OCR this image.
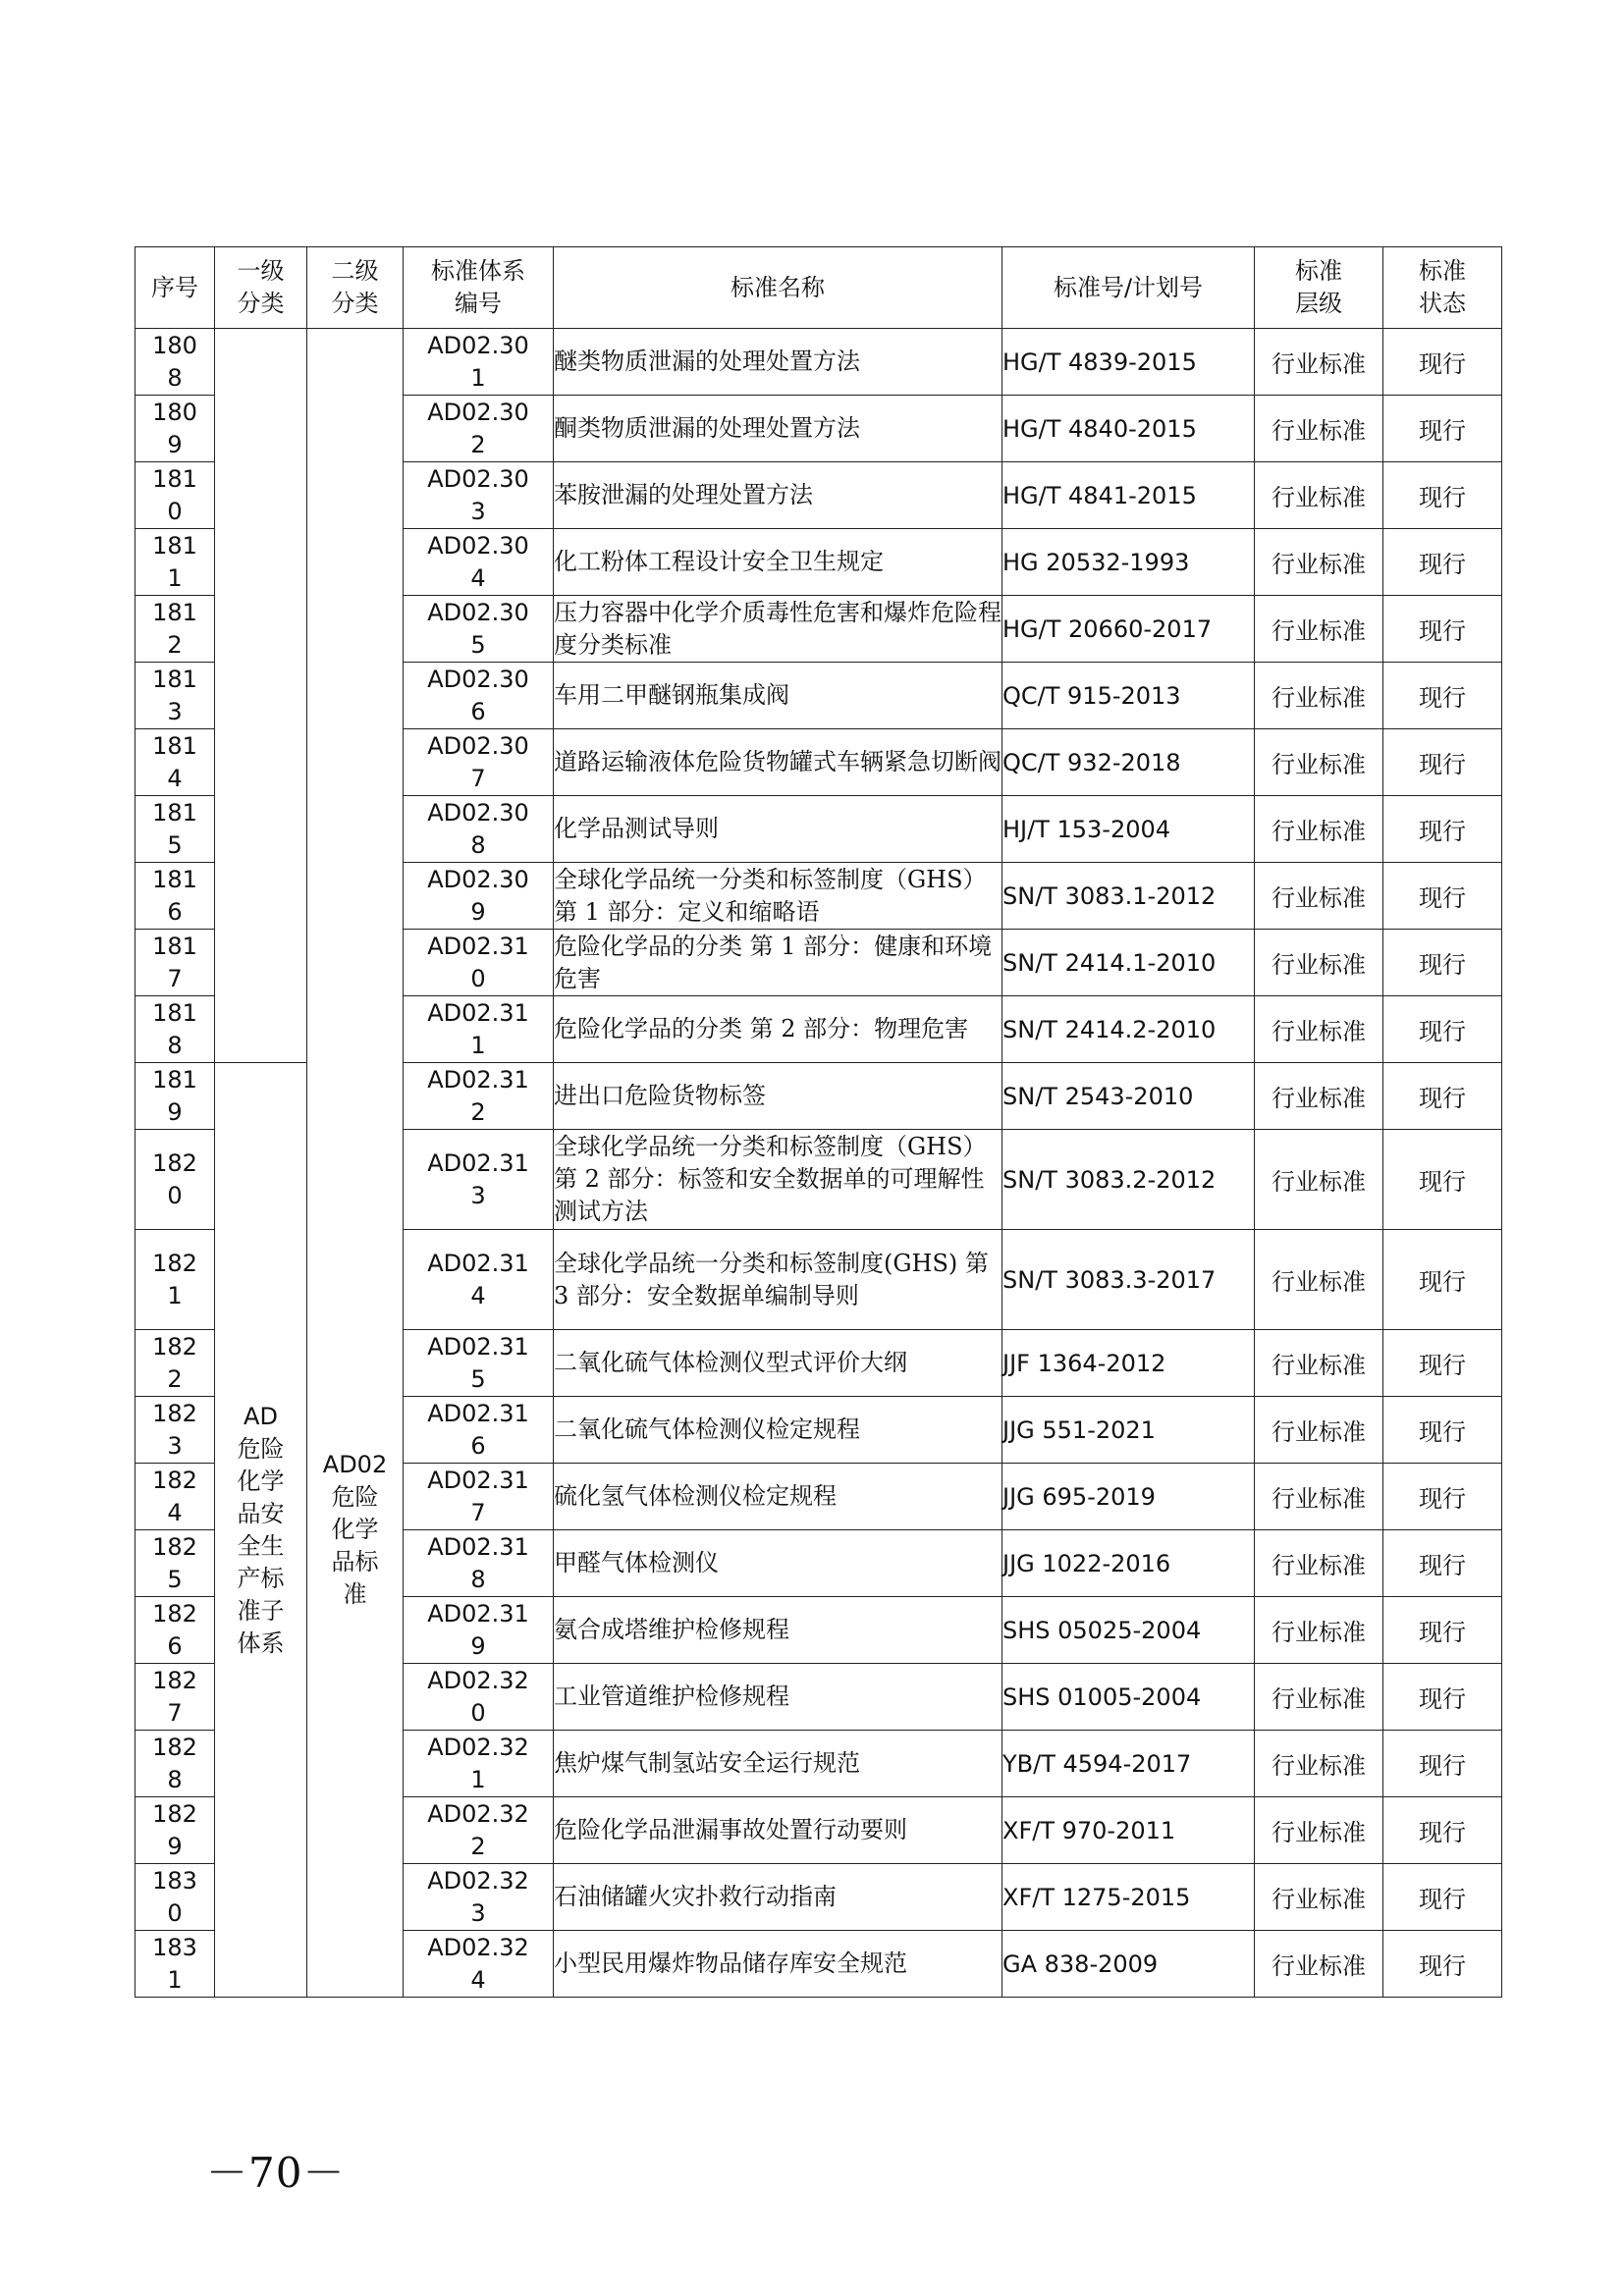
序号	一级分类	二级分类	标准体系编号	标准名称	标准号/计划号	标准层级	标准状态
1808			AD02.301	醚类物质泄漏的处理处置方法	HG/T 4839-2015	行业标准	现行
1809			AD02.302	酮类物质泄漏的处理处置方法	HG/T 4840-2015	行业标准	现行
1810			AD02.303	苯胺泄漏的处理处置方法	HG/T 4841-2015	行业标准	现行
1811			AD02.304	化工粉体工程设计安全卫生规定	HG 20532-1993	行业标准	现行
1812			AD02.305	压力容器中化学介质毒性危害和爆炸危险程度分类标准	HG/T 20660-2017	行业标准	现行
1813			AD02.306	车用二甲醚钢瓶集成阀	QC/T 915-2013	行业标准	现行
1814			AD02.307	道路运输液体危险货物罐式车辆紧急切断阀	QC/T 932-2018	行业标准	现行
1815			AD02.308	化学品测试导则	HJ/T 153-2004	行业标准	现行
1816			AD02.309	全球化学品统一分类和标签制度（GHS） 第 1 部分：定义和缩略语	SN/T 3083.1-2012	行业标准	现行
1817			AD02.310	危险化学品的分类 第 1 部分：健康和环境危害	SN/T 2414.1-2010	行业标准	现行
1818			AD02.311	危险化学品的分类 第 2 部分：物理危害	SN/T 2414.2-2010	行业标准	现行
1819	AD危险化学品安全生产标准子体系	AD02危险化学品标准	AD02.312	进出口危险货物标签	SN/T 2543-2010	行业标准	现行
1820			AD02.313	全球化学品统一分类和标签制度（GHS） 第 2 部分：标签和安全数据单的可理解性测试方法	SN/T 3083.2-2012	行业标准	现行
1821			AD02.314	全球化学品统一分类和标签制度(GHS) 第 3 部分：安全数据单编制导则	SN/T 3083.3-2017	行业标准	现行
1822			AD02.315	二氧化硫气体检测仪型式评价大纲	JJF 1364-2012	行业标准	现行
1823			AD02.316	二氧化硫气体检测仪检定规程	JJG 551-2021	行业标准	现行
1824			AD02.317	硫化氢气体检测仪检定规程	JJG 695-2019	行业标准	现行
1825			AD02.318	甲醛气体检测仪	JJG 1022-2016	行业标准	现行
1826			AD02.319	氨合成塔维护检修规程	SHS 05025-2004	行业标准	现行
1827			AD02.320	工业管道维护检修规程	SHS 01005-2004	行业标准	现行
1828			AD02.321	焦炉煤气制氢站安全运行规范	YB/T 4594-2017	行业标准	现行
1829			AD02.322	危险化学品泄漏事故处置行动要则	XF/T 970-2011	行业标准	现行
1830			AD02.323	石油储罐火灾扑救行动指南	XF/T 1275-2015	行业标准	现行
1831			AD02.324	小型民用爆炸物品储存库安全规范	GA 838-2009	行业标准	现行
－70－
